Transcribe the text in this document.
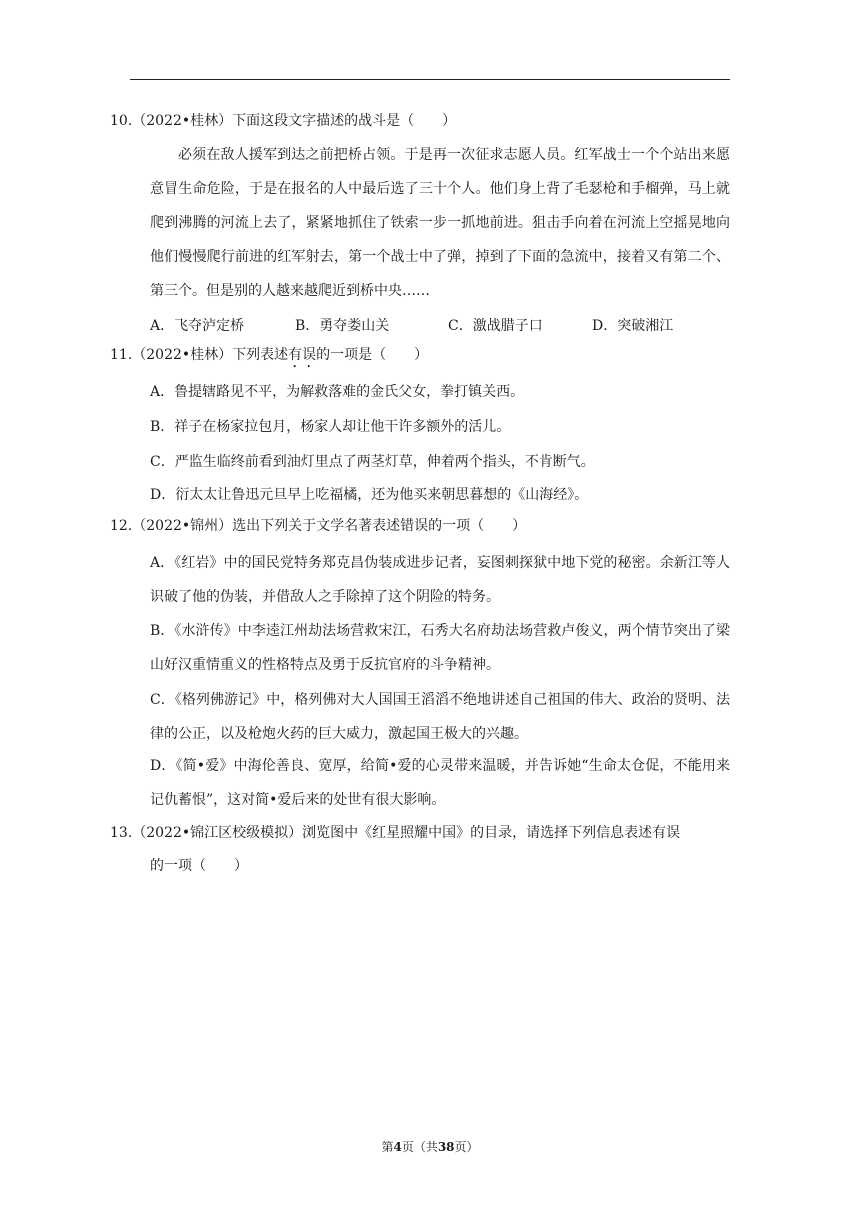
10.（2022•桂林）下面这段文字描述的战斗是（　　）
必须在敌人援军到达之前把桥占领。于是再一次征求志愿人员。红军战士一个个站出来愿意冒生命危险，于是在报名的人中最后选了三十个人。他们身上背了毛瑟枪和手榴弹，马上就爬到沸腾的河流上去了，紧紧地抓住了铁索一步一抓地前进。狙击手向着在河流上空摇晃地向他们慢慢爬行前进的红军射去，第一个战士中了弹，掉到了下面的急流中，接着又有第二个、第三个。但是别的人越来越爬近到桥中央……
A．飞夺泸定桥	B．勇夺娄山关	C．激战腊子口	D．突破湘江
11.（2022•桂林）下列表述有误的一项是（　　）
A．鲁提辖路见不平，为解救落难的金氏父女，拳打镇关西。
B．祥子在杨家拉包月，杨家人却让他干许多额外的活儿。
C．严监生临终前看到油灯里点了两茎灯草，伸着两个指头，不肯断气。
D．衍太太让鲁迅元旦早上吃福橘，还为他买来朝思暮想的《山海经》。
12.（2022•锦州）选出下列关于文学名著表述错误的一项（　　）
A．《红岩》中的国民党特务郑克昌伪装成进步记者，妄图刺探狱中地下党的秘密。余新江等人识破了他的伪装，并借敌人之手除掉了这个阴险的特务。
B．《水浒传》中李逵江州劫法场营救宋江，石秀大名府劫法场营救卢俊义，两个情节突出了梁山好汉重情重义的性格特点及勇于反抗官府的斗争精神。
C．《格列佛游记》中，格列佛对大人国国王滔滔不绝地讲述自己祖国的伟大、政治的贤明、法律的公正，以及枪炮火药的巨大威力，激起国王极大的兴趣。
D．《简•爱》中海伦善良、宽厚，给简•爱的心灵带来温暖，并告诉她“生命太仓促，不能用来记仇蓄恨”，这对简•爱后来的处世有很大影响。
13.（2022•锦江区校级模拟）浏览图中《红星照耀中国》的目录，请选择下列信息表述有误
的一项（　　）
第4页（共38页）
